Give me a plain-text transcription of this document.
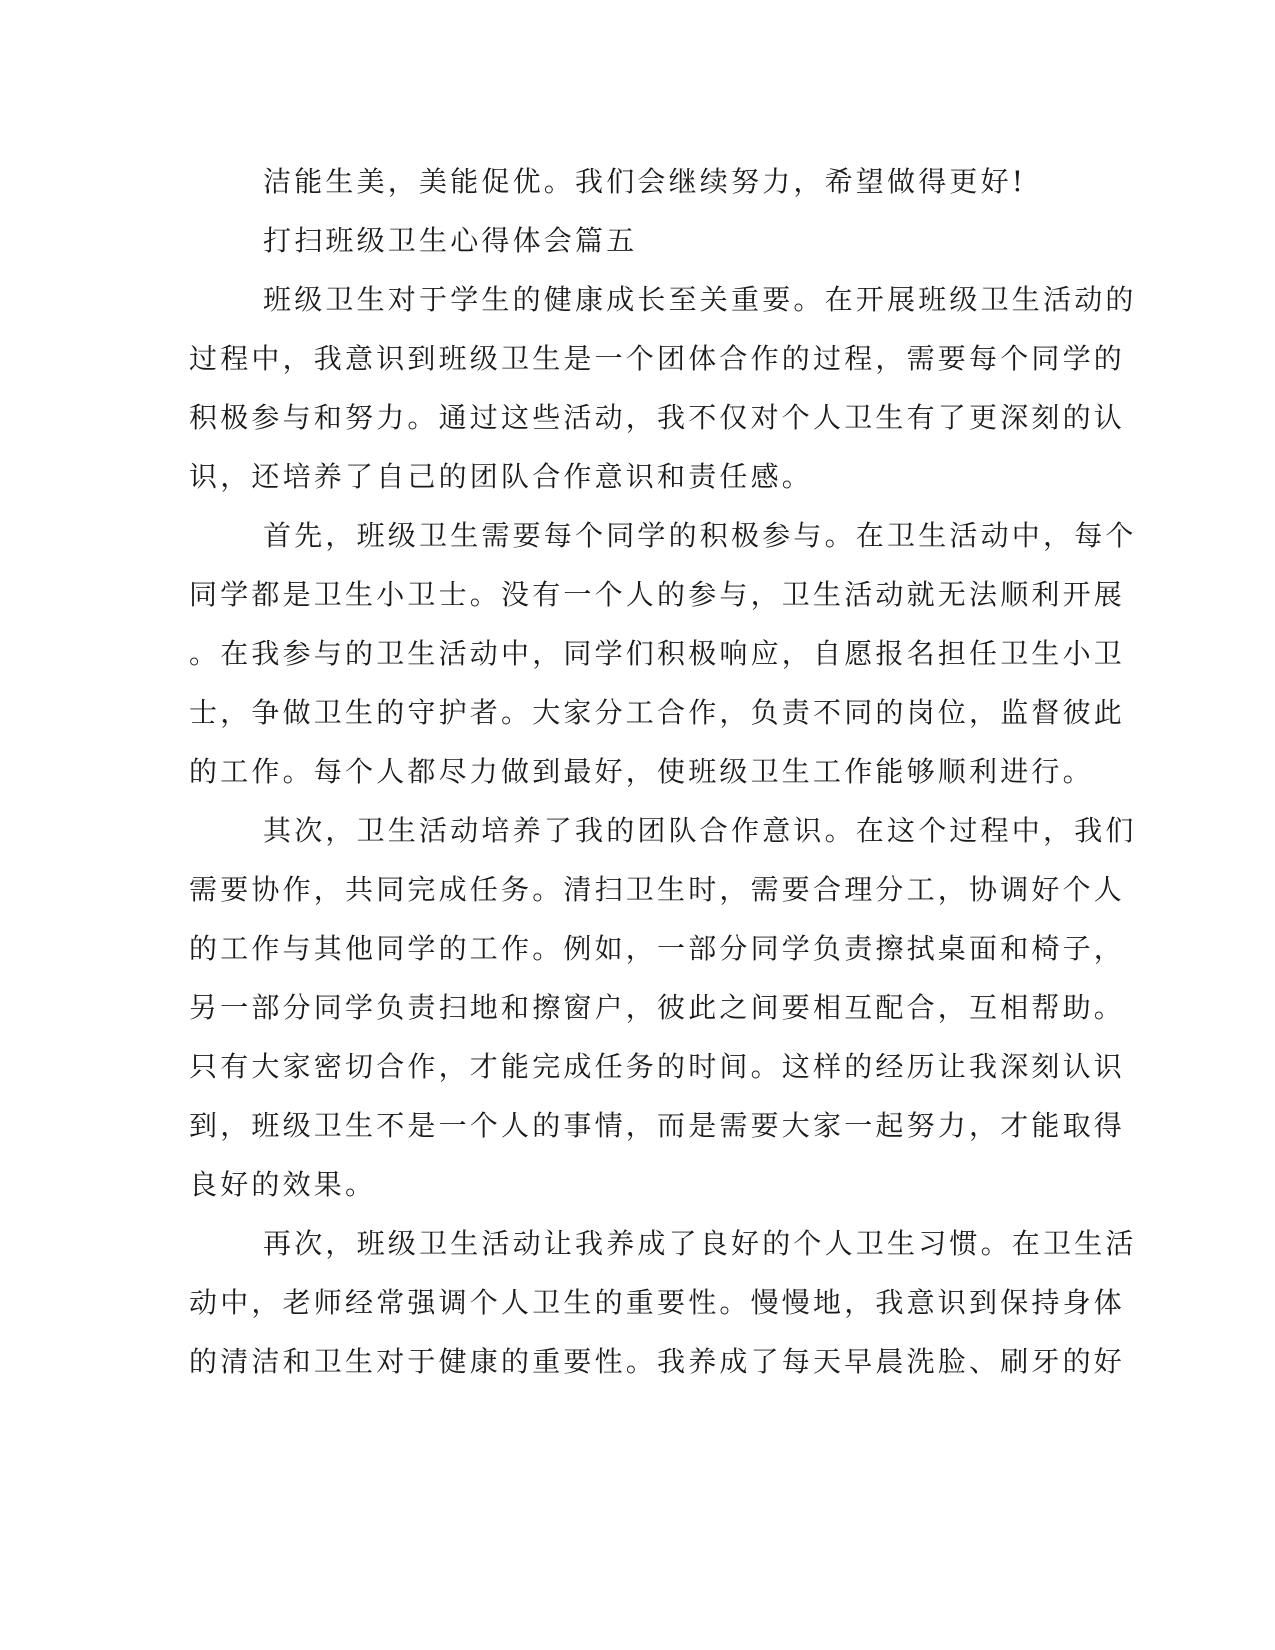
洁能生美，美能促优。我们会继续努力，希望做得更好!
打扫班级卫生心得体会篇五
班级卫生对于学生的健康成长至关重要。在开展班级卫生活动的
过程中，我意识到班级卫生是一个团体合作的过程，需要每个同学的
积极参与和努力。通过这些活动，我不仅对个人卫生有了更深刻的认
识，还培养了自己的团队合作意识和责任感。
首先，班级卫生需要每个同学的积极参与。在卫生活动中，每个
同学都是卫生小卫士。没有一个人的参与，卫生活动就无法顺利开展
。在我参与的卫生活动中，同学们积极响应，自愿报名担任卫生小卫
士，争做卫生的守护者。大家分工合作，负责不同的岗位，监督彼此
的工作。每个人都尽力做到最好，使班级卫生工作能够顺利进行。
其次，卫生活动培养了我的团队合作意识。在这个过程中，我们
需要协作，共同完成任务。清扫卫生时，需要合理分工，协调好个人
的工作与其他同学的工作。例如，一部分同学负责擦拭桌面和椅子，
另一部分同学负责扫地和擦窗户，彼此之间要相互配合，互相帮助。
只有大家密切合作，才能完成任务的时间。这样的经历让我深刻认识
到，班级卫生不是一个人的事情，而是需要大家一起努力，才能取得
良好的效果。
再次，班级卫生活动让我养成了良好的个人卫生习惯。在卫生活
动中，老师经常强调个人卫生的重要性。慢慢地，我意识到保持身体
的清洁和卫生对于健康的重要性。我养成了每天早晨洗脸、刷牙的好
